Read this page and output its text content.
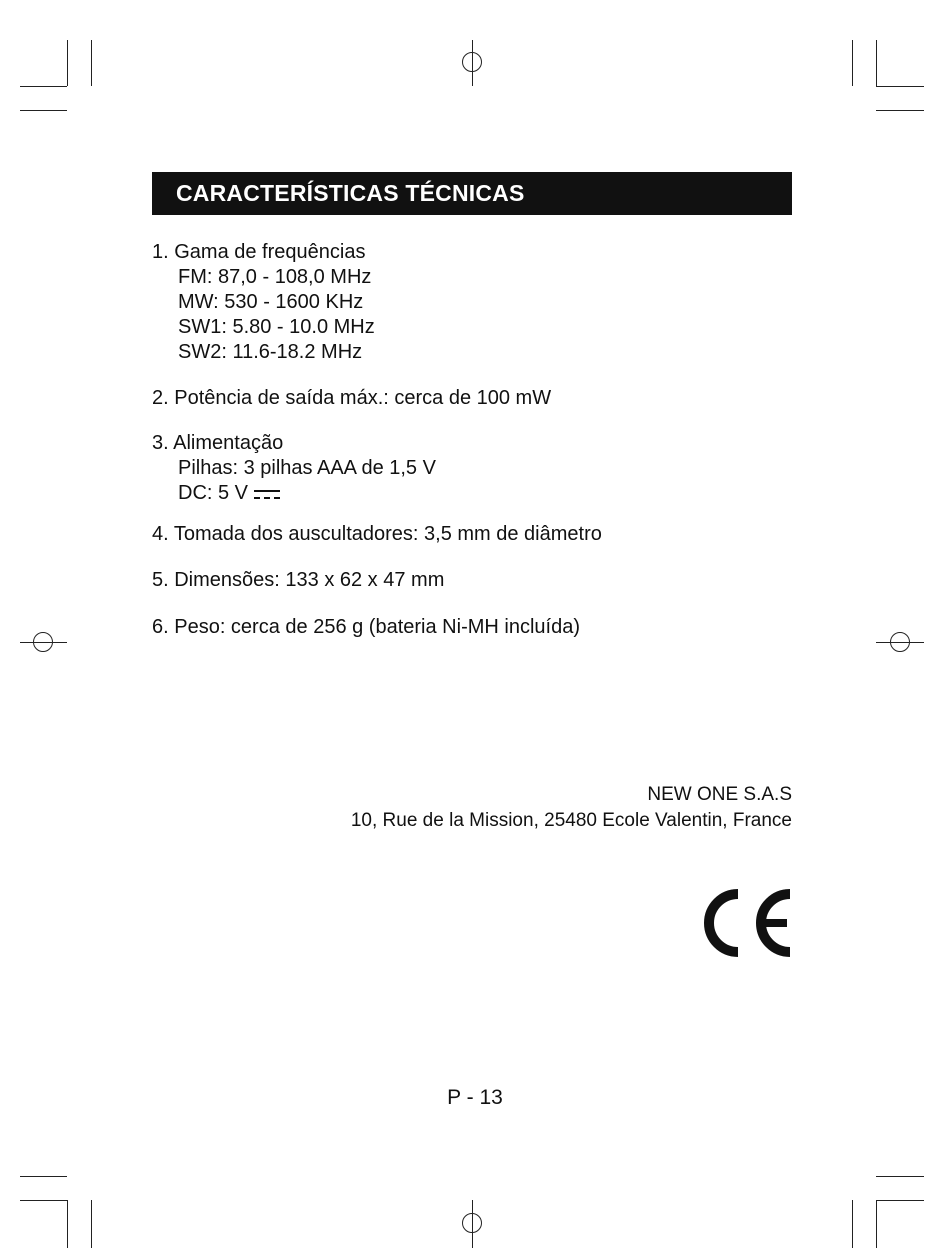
CARACTERÍSTICAS TÉCNICAS
1. Gama de frequências
FM: 87,0 - 108,0 MHz
MW: 530 - 1600 KHz
SW1: 5.80 - 10.0 MHz
SW2: 11.6-18.2 MHz
2. Potência de saída máx.: cerca de 100 mW
3. Alimentação
Pilhas: 3 pilhas AAA de 1,5 V
DC: 5 V
4. Tomada dos auscultadores: 3,5 mm de diâmetro
5. Dimensões: 133 x 62 x 47 mm
6. Peso: cerca de 256 g (bateria Ni-MH incluída)
NEW ONE S.A.S
10, Rue de la Mission, 25480 Ecole Valentin, France
P - 13
